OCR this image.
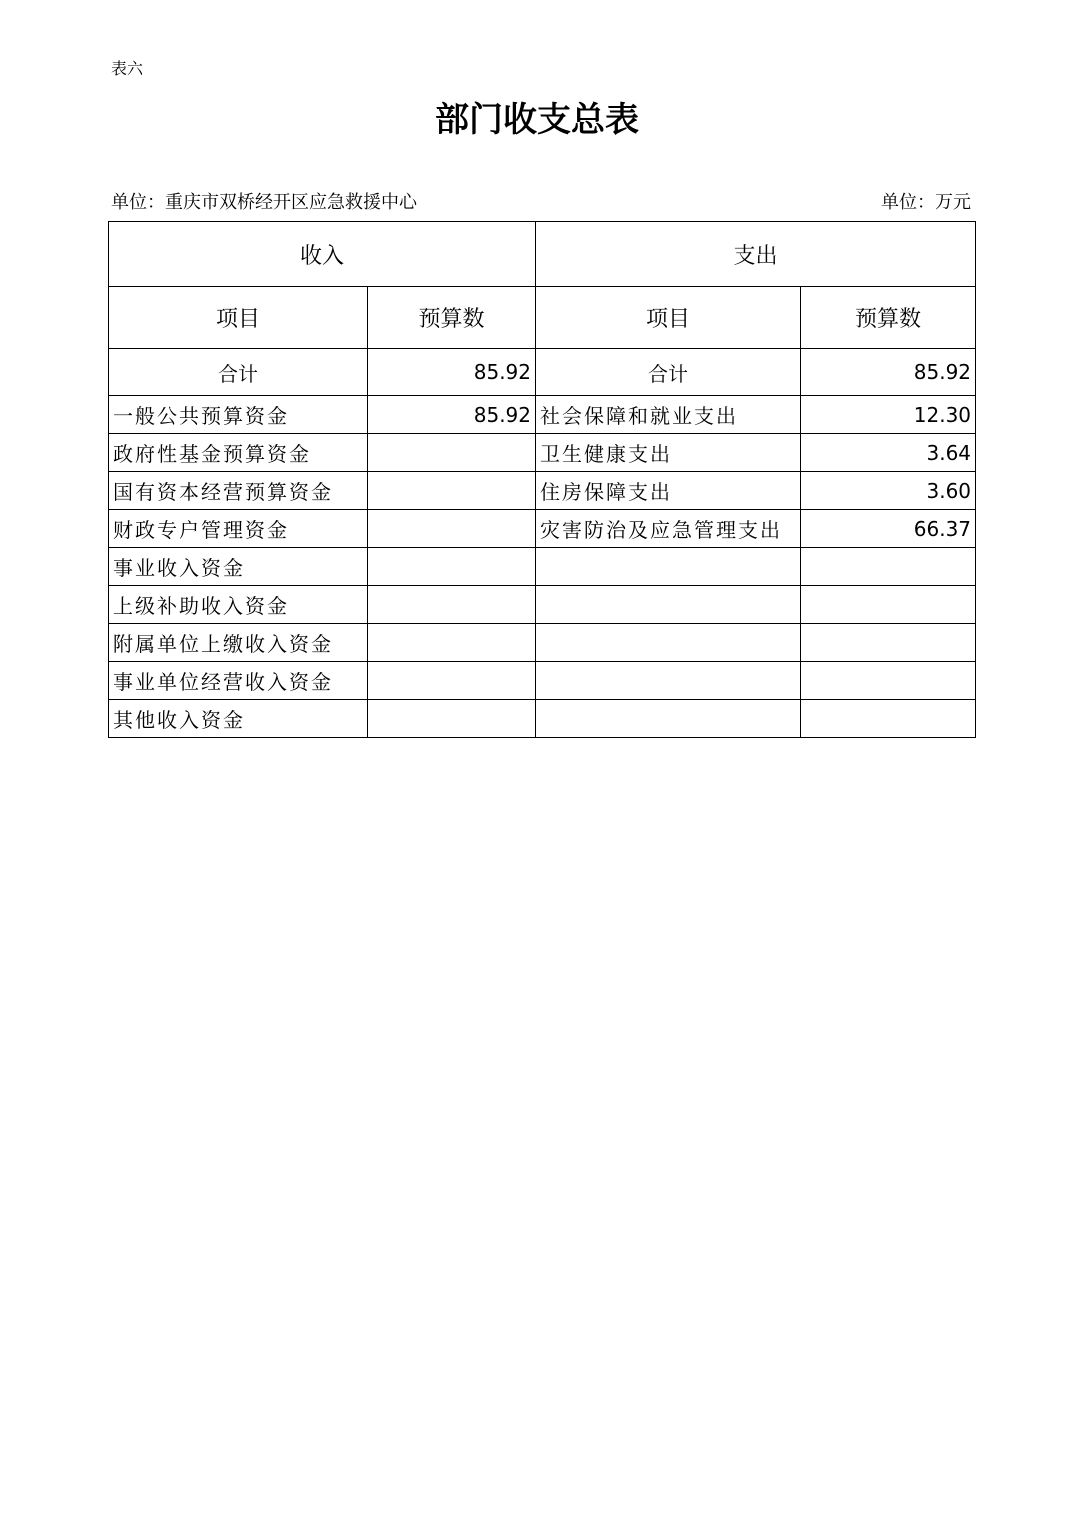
表六
部门收支总表
单位：重庆市双桥经开区应急救援中心	单位：万元
收入		支出	
项目	预算数	项目	预算数
合计	85.92	合计	85.92
一般公共预算资金	85.92	社会保障和就业支出	12.30
政府性基金预算资金		卫生健康支出	3.64
国有资本经营预算资金		住房保障支出	3.60
财政专户管理资金		灾害防治及应急管理支出	66.37
事业收入资金			
上级补助收入资金			
附属单位上缴收入资金			
事业单位经营收入资金			
其他收入资金			
